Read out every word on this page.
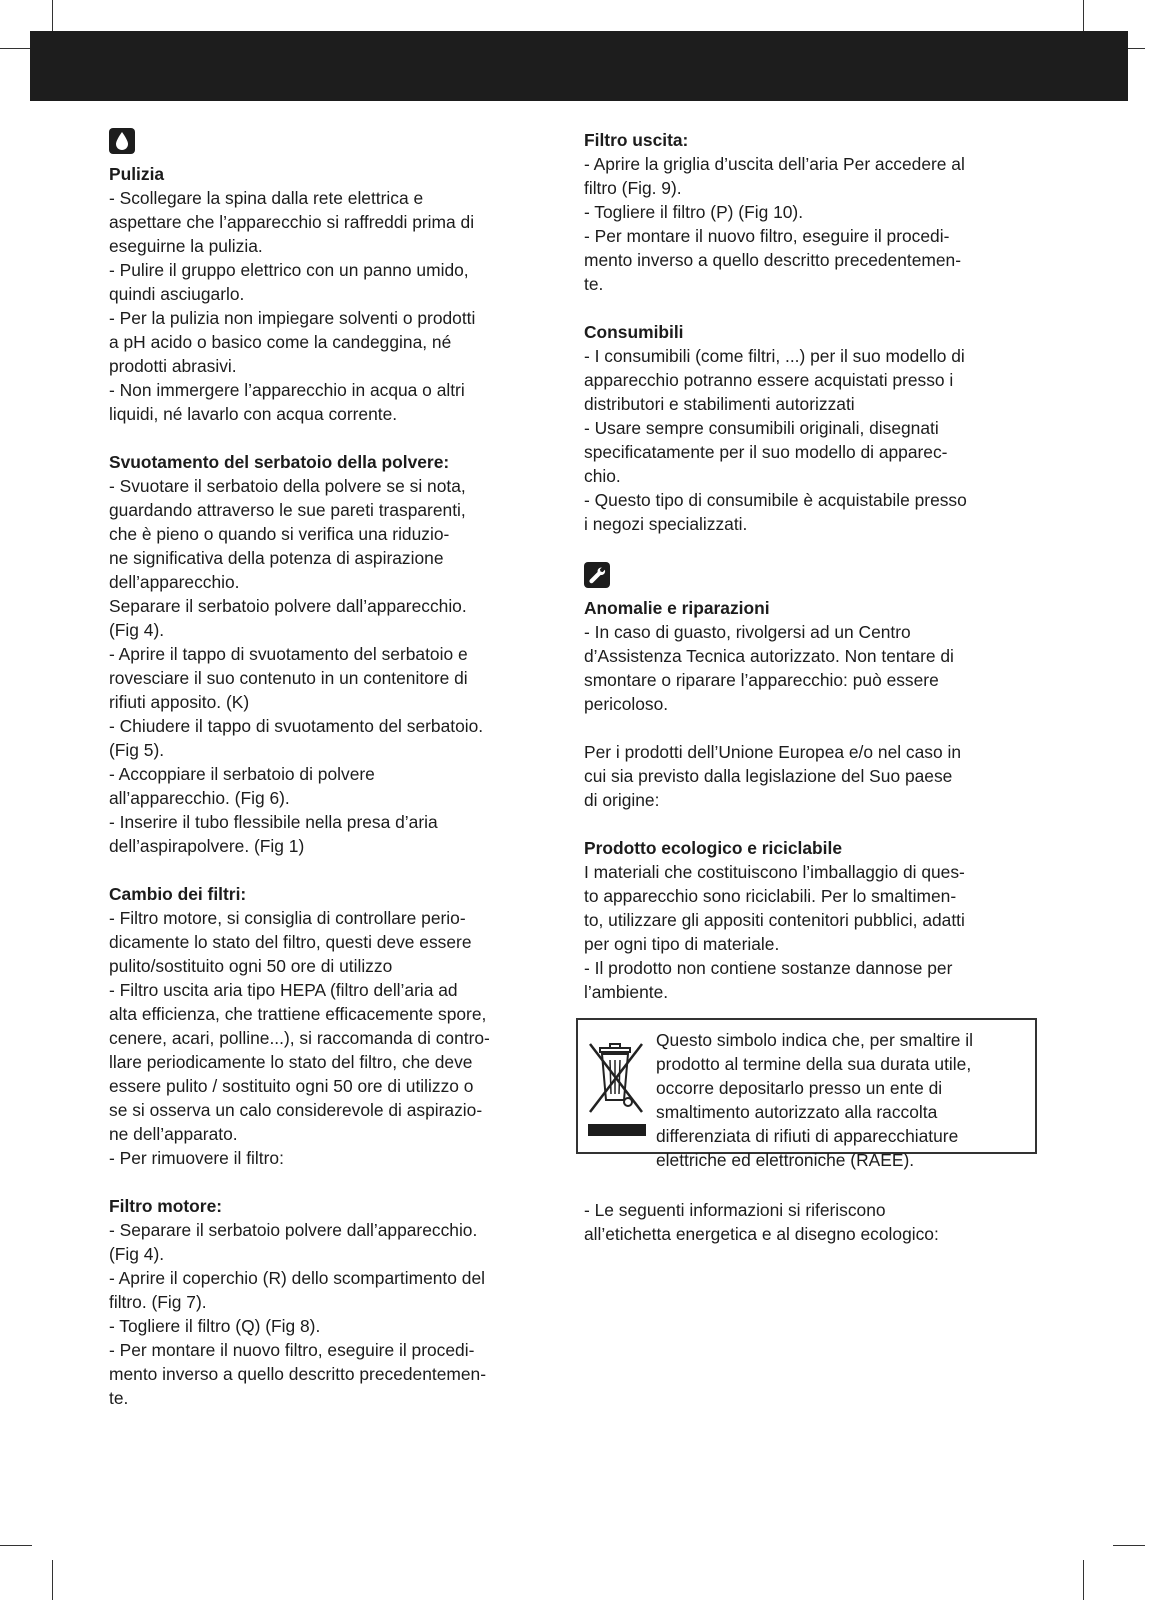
Pulizia

- Scollegare la spina dalla rete elettrica e
aspettare che l’apparecchio si raffreddi prima di
eseguirne la pulizia.
- Pulire il gruppo elettrico con un panno umido,
quindi asciugarlo.
- Per la pulizia non impiegare solventi o prodotti
a pH acido o basico come la candeggina, né
prodotti abrasivi.
- Non immergere l’apparecchio in acqua o altri
liquidi, né lavarlo con acqua corrente.

Svuotamento del serbatoio della polvere:

- Svuotare il serbatoio della polvere se si nota,
guardando attraverso le sue pareti trasparenti,
che è pieno o quando si verifica una riduzio-
ne significativa della potenza di aspirazione
dell’apparecchio.
Separare il serbatoio polvere dall’apparecchio.
(Fig 4).
- Aprire il tappo di svuotamento del serbatoio e
rovesciare il suo contenuto in un contenitore di
rifiuti apposito. (K)
- Chiudere il tappo di svuotamento del serbatoio.
(Fig 5).
- Accoppiare il serbatoio di polvere
all’apparecchio. (Fig 6).
- Inserire il tubo flessibile nella presa d’aria
dell’aspirapolvere. (Fig 1)

Cambio dei filtri:

- Filtro motore, si consiglia di controllare perio-
dicamente lo stato del filtro, questi deve essere
pulito/sostituito ogni 50 ore di utilizzo
- Filtro uscita aria tipo HEPA (filtro dell’aria ad
alta efficienza, che trattiene efficacemente spore,
cenere, acari, polline...), si raccomanda di contro-
llare periodicamente lo stato del filtro, che deve
essere pulito / sostituito ogni 50 ore di utilizzo o
se si osserva un calo considerevole di aspirazio-
ne dell’apparato.
- Per rimuovere il filtro:

Filtro motore:

- Separare il serbatoio polvere dall’apparecchio.
(Fig 4).
- Aprire il coperchio (R) dello scompartimento del
filtro. (Fig 7).
- Togliere il filtro (Q) (Fig 8).
- Per montare il nuovo filtro, eseguire il procedi-
mento inverso a quello descritto precedentemen-
te.

Filtro uscita:

- Aprire la griglia d’uscita dell’aria Per accedere al
filtro (Fig. 9).
- Togliere il filtro (P) (Fig 10).
- Per montare il nuovo filtro, eseguire il procedi-
mento inverso a quello descritto precedentemen-
te.

Consumibili

- I consumibili (come filtri, ...) per il suo modello di
apparecchio potranno essere acquistati presso i
distributori e stabilimenti autorizzati
- Usare sempre consumibili originali, disegnati
specificatamente per il suo modello di apparec-
chio.
- Questo tipo di consumibile è acquistabile presso
i negozi specializzati.

Anomalie e riparazioni

- In caso di guasto, rivolgersi ad un Centro
d’Assistenza Tecnica autorizzato. Non tentare di
smontare o riparare l’apparecchio: può essere
pericoloso.

Per i prodotti dell’Unione Europea e/o nel caso in
cui sia previsto dalla legislazione del Suo paese
di origine:

Prodotto ecologico e riciclabile

I materiali che costituiscono l’imballaggio di ques-
to apparecchio sono riciclabili. Per lo smaltimen-
to, utilizzare gli appositi contenitori pubblici, adatti
per ogni tipo di materiale.
- Il prodotto non contiene sostanze dannose per
l’ambiente.

Questo simbolo indica che, per smaltire il
prodotto al termine della sua durata utile,
occorre depositarlo presso un ente di
smaltimento autorizzato alla raccolta
differenziata di rifiuti di apparecchiature
elettriche ed elettroniche (RAEE).

- Le seguenti informazioni si riferiscono
all’etichetta energetica e al disegno ecologico:
